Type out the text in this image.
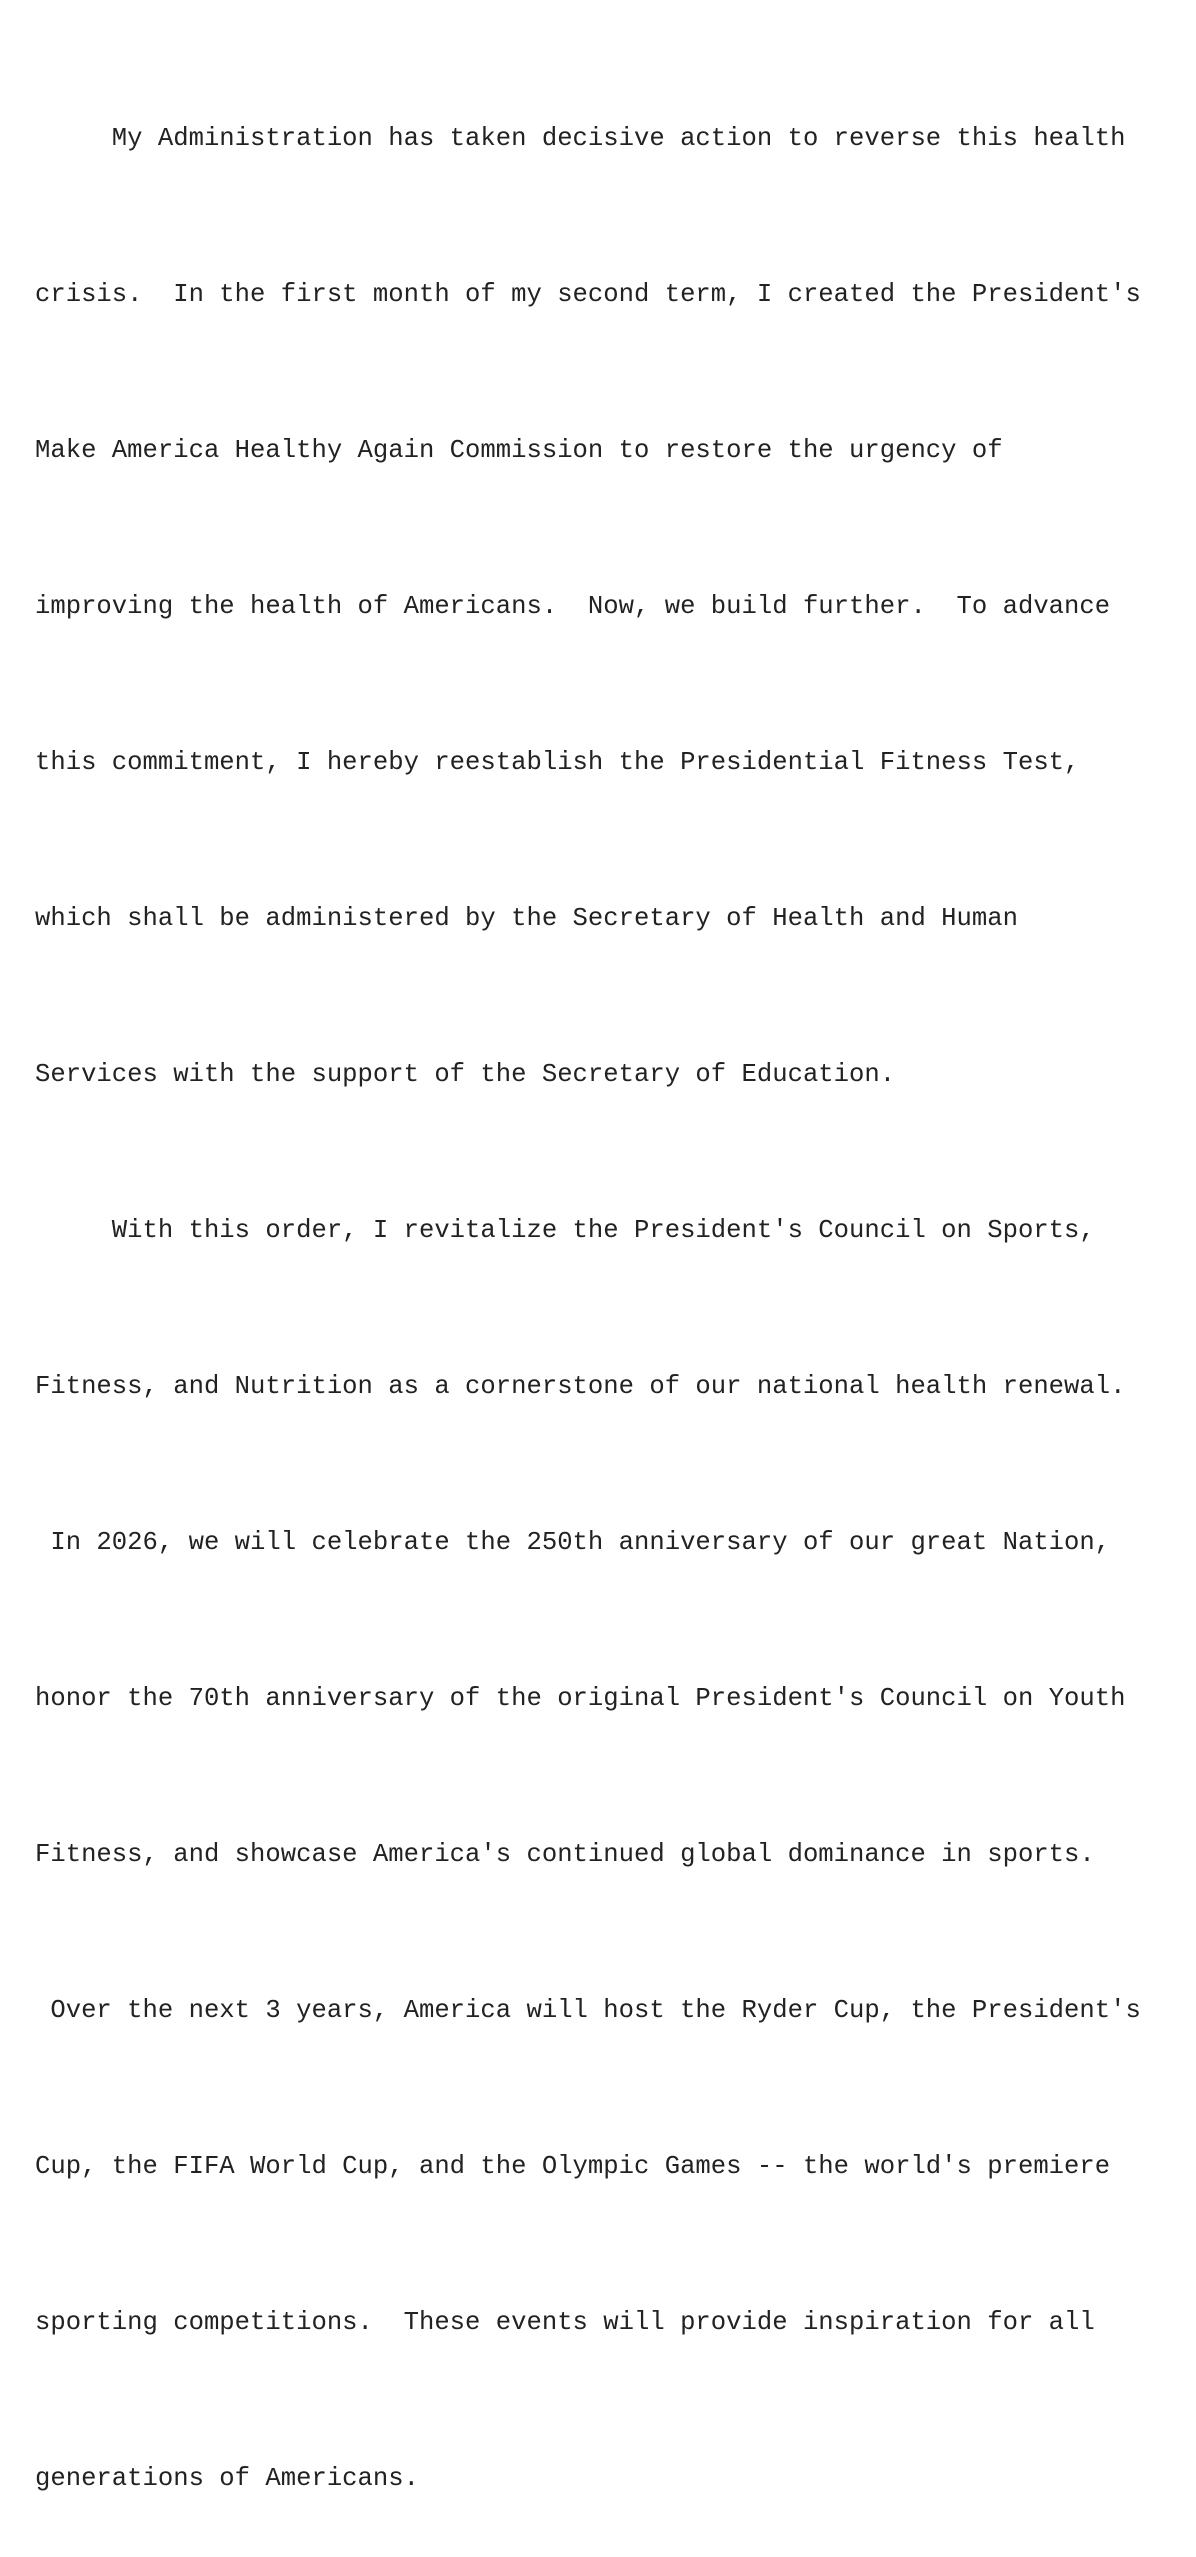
My Administration has taken decisive action to reverse this health

crisis.  In the first month of my second term, I created the President's

Make America Healthy Again Commission to restore the urgency of

improving the health of Americans.  Now, we build further.  To advance

this commitment, I hereby reestablish the Presidential Fitness Test,

which shall be administered by the Secretary of Health and Human

Services with the support of the Secretary of Education.

With this order, I revitalize the President's Council on Sports,

Fitness, and Nutrition as a cornerstone of our national health renewal.

In 2026, we will celebrate the 250th anniversary of our great Nation,

honor the 70th anniversary of the original President's Council on Youth

Fitness, and showcase America's continued global dominance in sports.

Over the next 3 years, America will host the Ryder Cup, the President's

Cup, the FIFA World Cup, and the Olympic Games -- the world's premiere

sporting competitions.  These events will provide inspiration for all

generations of Americans.
